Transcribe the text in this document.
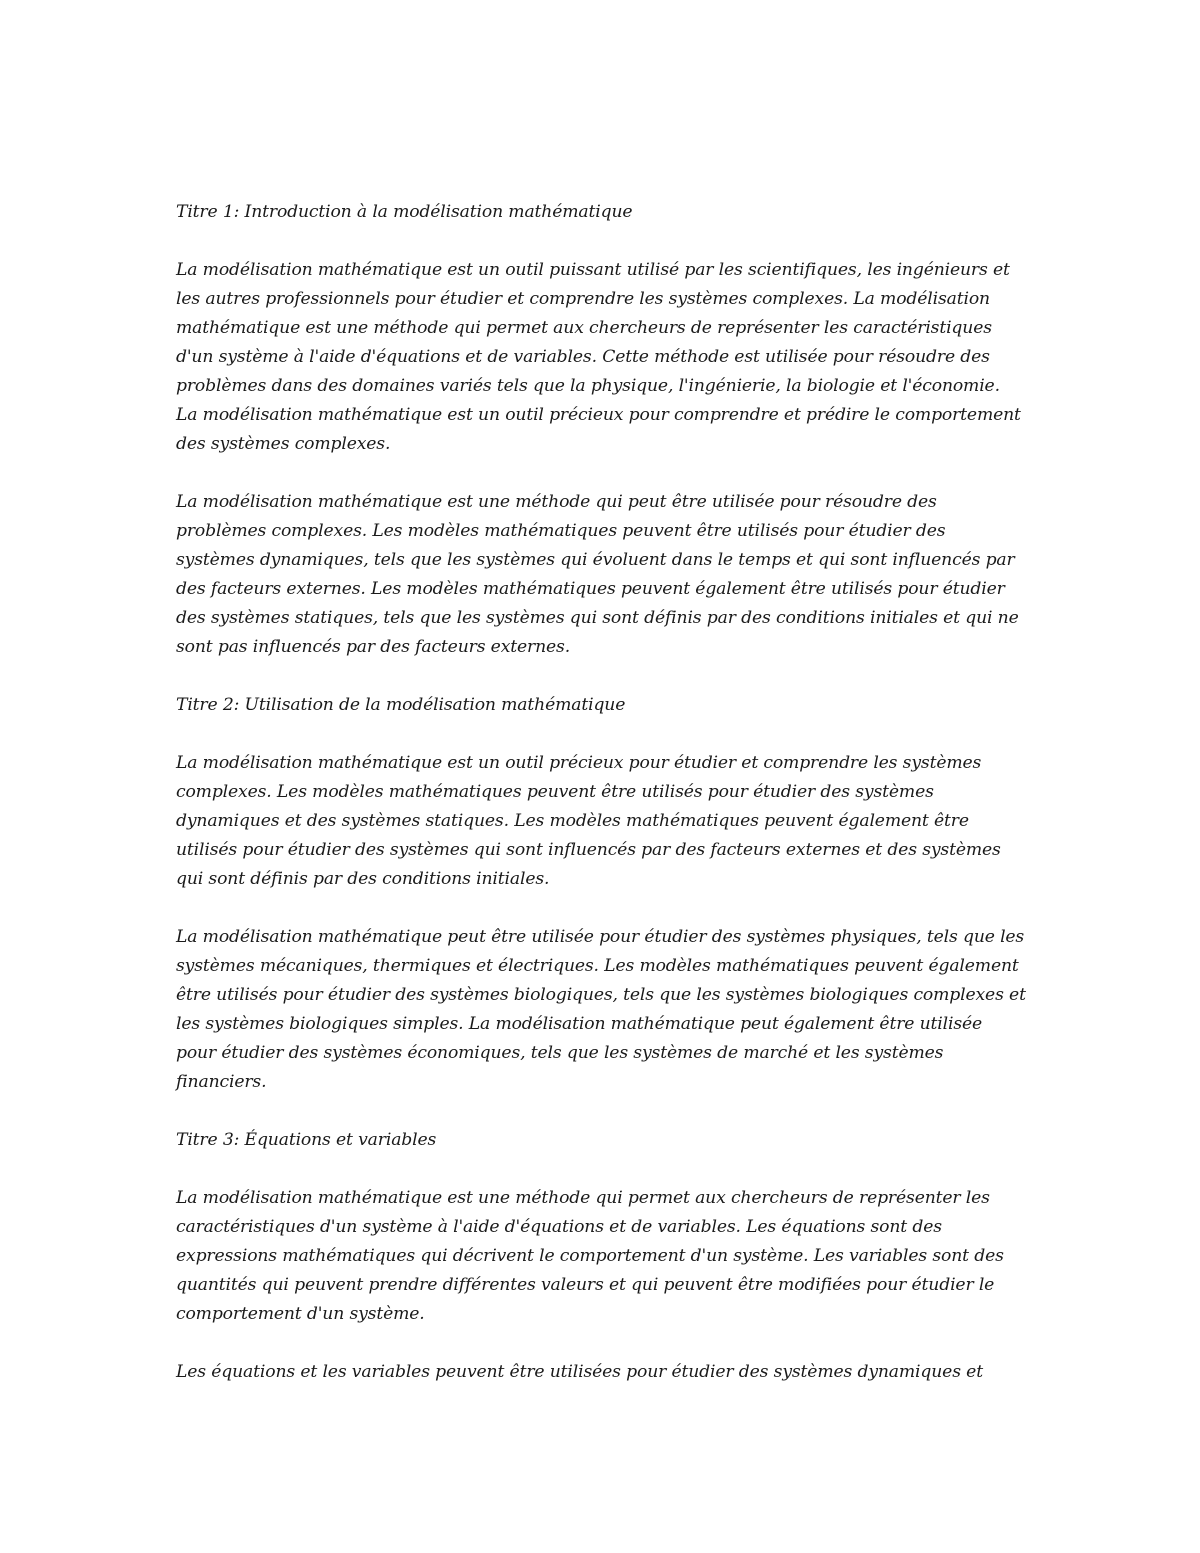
Titre 1: Introduction à la modélisation mathématique

La modélisation mathématique est un outil puissant utilisé par les scientifiques, les ingénieurs et les autres professionnels pour étudier et comprendre les systèmes complexes. La modélisation mathématique est une méthode qui permet aux chercheurs de représenter les caractéristiques d'un système à l'aide d'équations et de variables. Cette méthode est utilisée pour résoudre des problèmes dans des domaines variés tels que la physique, l'ingénierie, la biologie et l'économie. La modélisation mathématique est un outil précieux pour comprendre et prédire le comportement des systèmes complexes.

La modélisation mathématique est une méthode qui peut être utilisée pour résoudre des problèmes complexes. Les modèles mathématiques peuvent être utilisés pour étudier des systèmes dynamiques, tels que les systèmes qui évoluent dans le temps et qui sont influencés par des facteurs externes. Les modèles mathématiques peuvent également être utilisés pour étudier des systèmes statiques, tels que les systèmes qui sont définis par des conditions initiales et qui ne sont pas influencés par des facteurs externes.

Titre 2: Utilisation de la modélisation mathématique

La modélisation mathématique est un outil précieux pour étudier et comprendre les systèmes complexes. Les modèles mathématiques peuvent être utilisés pour étudier des systèmes dynamiques et des systèmes statiques. Les modèles mathématiques peuvent également être utilisés pour étudier des systèmes qui sont influencés par des facteurs externes et des systèmes qui sont définis par des conditions initiales.

La modélisation mathématique peut être utilisée pour étudier des systèmes physiques, tels que les systèmes mécaniques, thermiques et électriques. Les modèles mathématiques peuvent également être utilisés pour étudier des systèmes biologiques, tels que les systèmes biologiques complexes et les systèmes biologiques simples. La modélisation mathématique peut également être utilisée pour étudier des systèmes économiques, tels que les systèmes de marché et les systèmes financiers.

Titre 3: Équations et variables

La modélisation mathématique est une méthode qui permet aux chercheurs de représenter les caractéristiques d'un système à l'aide d'équations et de variables. Les équations sont des expressions mathématiques qui décrivent le comportement d'un système. Les variables sont des quantités qui peuvent prendre différentes valeurs et qui peuvent être modifiées pour étudier le comportement d'un système.

Les équations et les variables peuvent être utilisées pour étudier des systèmes dynamiques et
